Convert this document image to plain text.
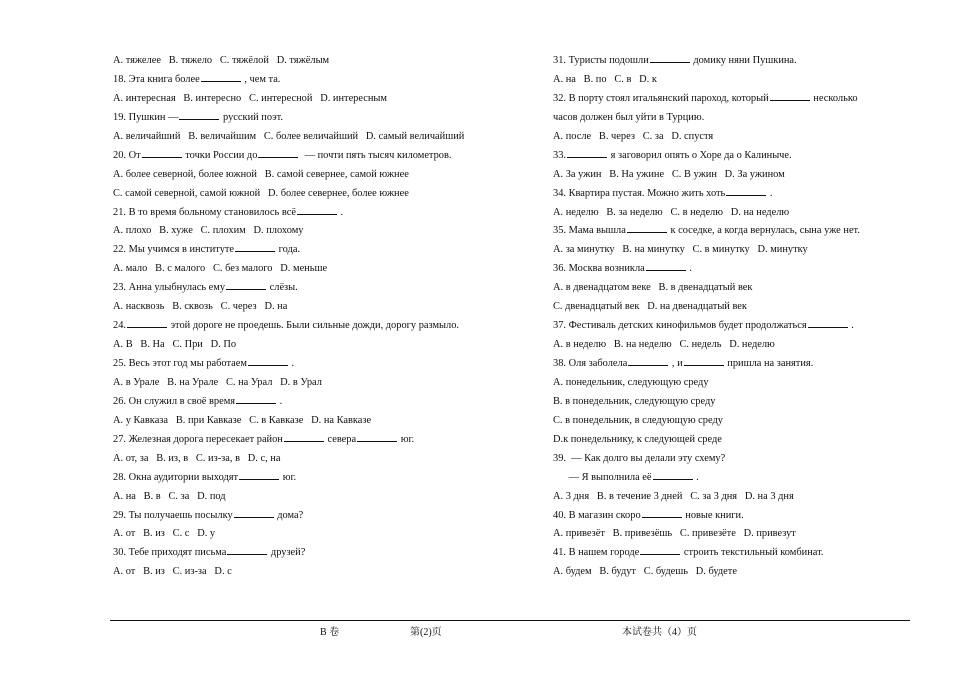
A. тяжелее   B. тяжело   C. тяжёлой   D. тяжёлым
18. Эта книга более	, чем та.
A. интересная   B. интересно   C. интересной   D. интересным
19. Пушкин —	русский поэт.
A. величайший   B. величайшим   C. более величайший   D. самый величайший
20. От	точки России до	— почти пять тысяч километров.
A. более северной, более южной   B. самой севернее, самой южнее
C. самой северной, самой южной   D. более севернее, более южнее
21. В то время больному становилось всё	.
A. плохо   B. хуже   C. плохим   D. плохому
22. Мы учимся в институте	года.
A. мало   B. с малого   C. без малого   D. меньше
23. Анна улыбнулась ему	слёзы.
A. насквозь   B. сквозь   C. через   D. на
24.	этой дороге не проедешь. Были сильные дожди, дорогу размыло.
A. В   B. На   C. При   D. По
25. Весь этот год мы работаем	.
A. в Урале   B. на Урале   C. на Урал   D. в Урал
26. Он служил в своё время	.
A. у Кавказа   B. при Кавказе   C. в Кавказе   D. на Кавказе
27. Железная дорога пересекает район	севера	юг.
A. от, за   B. из, в   C. из-за, в   D. с, на
28. Окна аудитории выходят	юг.
A. на   B. в   C. за   D. под
29. Ты получаешь посылку	дома?
A. от   B. из   C. с   D. у
30. Тебе приходят письма	друзей?
A. от   B. из   C. из-за   D. с
31. Туристы подошли	домику няни Пушкина.
A. на   B. по   C. в   D. к
32. В порту стоял итальянский пароход, который	несколько
часов должен был уйти в Турцию.
A. после   B. через   C. за   D. спустя
33.	я заговорил опять о Хоре да о Калиныче.
A. За ужин   B. На ужине   C. В ужин   D. За ужином
34. Квартира пустая. Можно жить хоть	.
A. неделю   B. за неделю   C. в неделю   D. на неделю
35. Мама вышла	к соседке, а когда вернулась, сына уже нет.
A. за минутку   B. на минутку   C. в минутку   D. минутку
36. Москва возникла	.
A. в двенадцатом веке   B. в двенадцатый век
C. двенадцатый век   D. на двенадцатый век
37. Фестиваль детских кинофильмов будет продолжаться	.
A. в неделю   B. на неделю   C. недель   D. неделю
38. Оля заболела	, и	пришла на занятия.
A. понедельник, следующую среду
B. в понедельник, следующую среду
C. в понедельник, в следующую среду
D.к понедельнику, к следующей среде
39.  — Как долго вы делали эту схему?
— Я выполнила её	.
A. 3 дня   B. в течение 3 дней   C. за 3 дня   D. на 3 дня
40. В магазин скоро	новые книги.
A. привезёт   B. привезёшь   C. привезёте   D. привезут
41. В нашем городе	строить текстильный комбинат.
A. будем   B. будут   C. будешь   D. будете
B 卷	第(2)页	本试卷共（4）页
